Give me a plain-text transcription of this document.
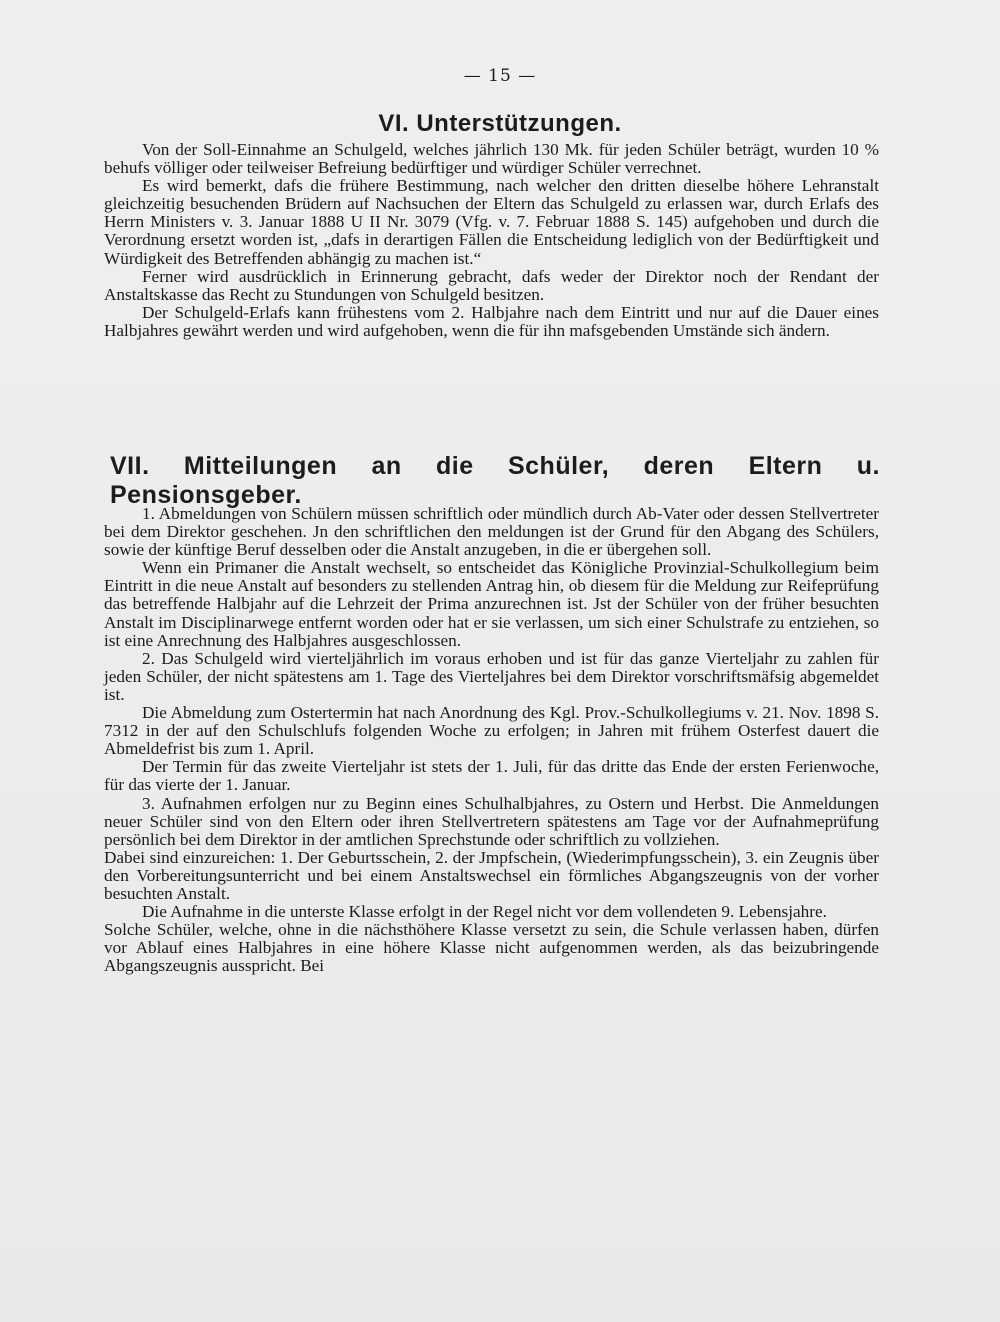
— 15 —
VI. Unterstützungen.

Von der Soll-Einnahme an Schulgeld, welches jährlich 130 Mk. für jeden Schüler beträgt, wurden 10 % behufs völliger oder teilweiser Befreiung bedürftiger und würdiger Schüler verrechnet.

Es wird bemerkt, dafs die frühere Bestimmung, nach welcher den dritten dieselbe höhere Lehranstalt gleichzeitig besuchenden Brüdern auf Nachsuchen der Eltern das Schulgeld zu erlassen war, durch Erlafs des Herrn Ministers v. 3. Januar 1888 U II Nr. 3079 (Vfg. v. 7. Februar 1888 S. 145) aufgehoben und durch die Verordnung ersetzt worden ist, „dafs in derartigen Fällen die Entscheidung lediglich von der Bedürftigkeit und Würdigkeit des Betreffenden abhängig zu machen ist.“

Ferner wird ausdrücklich in Erinnerung gebracht, dafs weder der Direktor noch der Rendant der Anstaltskasse das Recht zu Stundungen von Schulgeld besitzen.

Der Schulgeld-Erlafs kann frühestens vom 2. Halbjahre nach dem Eintritt und nur auf die Dauer eines Halbjahres gewährt werden und wird aufgehoben, wenn die für ihn mafsgebenden Umstände sich ändern.

VII. Mitteilungen an die Schüler, deren Eltern u. Pensionsgeber.

1. Abmeldungen von Schülern müssen schriftlich oder mündlich durch Ab-Vater oder dessen Stellvertreter bei dem Direktor geschehen. Jn den schriftlichen den meldungen ist der Grund für den Abgang des Schülers, sowie der künftige Beruf desselben oder die Anstalt anzugeben, in die er übergehen soll.

Wenn ein Primaner die Anstalt wechselt, so entscheidet das Königliche Provinzial-Schulkollegium beim Eintritt in die neue Anstalt auf besonders zu stellenden Antrag hin, ob diesem für die Meldung zur Reifeprüfung das betreffende Halbjahr auf die Lehrzeit der Prima anzurechnen ist. Jst der Schüler von der früher besuchten Anstalt im Disciplinarwege entfernt worden oder hat er sie verlassen, um sich einer Schulstrafe zu entziehen, so ist eine Anrechnung des Halbjahres ausgeschlossen.

2. Das Schulgeld wird vierteljährlich im voraus erhoben und ist für das ganze Vierteljahr zu zahlen für jeden Schüler, der nicht spätestens am 1. Tage des Vierteljahres bei dem Direktor vorschriftsmäfsig abgemeldet ist.

Die Abmeldung zum Ostertermin hat nach Anordnung des Kgl. Prov.-Schulkollegiums v. 21. Nov. 1898 S. 7312 in der auf den Schulschlufs folgenden Woche zu erfolgen; in Jahren mit frühem Osterfest dauert die Abmeldefrist bis zum 1. April.

Der Termin für das zweite Vierteljahr ist stets der 1. Juli, für das dritte das Ende der ersten Ferienwoche, für das vierte der 1. Januar.

3. Aufnahmen erfolgen nur zu Beginn eines Schulhalbjahres, zu Ostern und Herbst. Die Anmeldungen neuer Schüler sind von den Eltern oder ihren Stellvertretern spätestens am Tage vor der Aufnahmeprüfung persönlich bei dem Direktor in der amtlichen Sprechstunde oder schriftlich zu vollziehen.

Dabei sind einzureichen: 1. Der Geburtsschein, 2. der Jmpfschein, (Wiederimpfungsschein), 3. ein Zeugnis über den Vorbereitungsunterricht und bei einem Anstaltswechsel ein förmliches Abgangszeugnis von der vorher besuchten Anstalt.

Die Aufnahme in die unterste Klasse erfolgt in der Regel nicht vor dem vollendeten 9. Lebensjahre.

Solche Schüler, welche, ohne in die nächsthöhere Klasse versetzt zu sein, die Schule verlassen haben, dürfen vor Ablauf eines Halbjahres in eine höhere Klasse nicht aufgenommen werden, als das beizubringende Abgangszeugnis ausspricht. Bei
